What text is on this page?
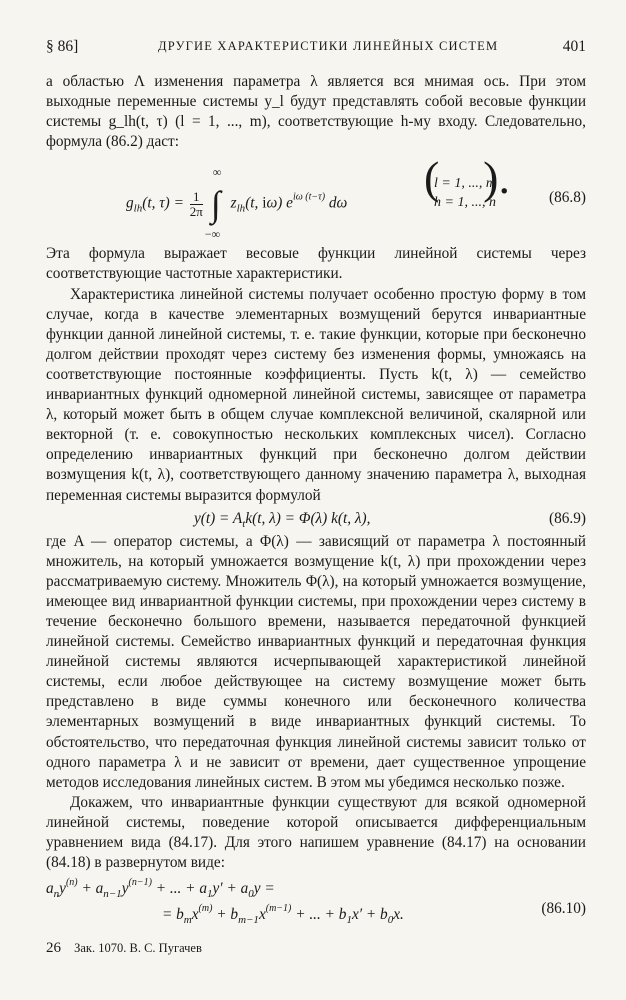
§ 86]	ДРУГИЕ ХАРАКТЕРИСТИКИ ЛИНЕЙНЫХ СИСТЕМ	401

а областью Λ изменения параметра λ является вся мнимая ось. При этом выходные переменные системы y_l будут представлять собой весовые функции системы g_lh(t, τ) (l = 1, ..., m), соответствующие h-му входу. Следовательно, формула (86.2) даст:

$g_{lh}(t$, $\tau) = \frac{1}{2\pi}$
∞
∫
−∞
$z_{lh}(t$, iω) $e^{i\omega (t-\tau)}$ dω
(
l = 1, ..., m
h = 1, ..., n
).	(86.8)

Эта формула выражает весовые функции линейной системы через соответствующие частотные характеристики.

Характеристика линейной системы получает особенно простую форму в том случае, когда в качестве элементарных возмущений берутся инвариантные функции данной линейной системы, т. е. такие функции, которые при бесконечно долгом действии проходят через систему без изменения формы, умножаясь на соответствующие постоянные коэффициенты. Пусть k(t, λ) — семейство инвариантных функций одномерной линейной системы, зависящее от параметра λ, который может быть в общем случае комплексной величиной, скалярной или векторной (т. е. совокупностью нескольких комплексных чисел). Согласно определению инвариантных функций при бесконечно долгом действии возмущения k(t, λ), соответствующего данному значению параметра λ, выходная переменная системы выразится формулой

$y(t) = A_tk(t$, λ) = Φ(λ) k(t, λ),	(86.9)

где A — оператор системы, а Φ(λ) — зависящий от параметра λ постоянный множитель, на который умножается возмущение k(t, λ) при прохождении через рассматриваемую систему. Множитель Φ(λ), на который умножается возмущение, имеющее вид инвариантной функции системы, при прохождении через систему в течение бесконечно большого времени, называется передаточной функцией линейной системы. Семейство инвариантных функций и передаточная функция линейной системы являются исчерпывающей характеристикой линейной системы, если любое действующее на систему возмущение может быть представлено в виде суммы конечного или бесконечного количества элементарных возмущений в виде инвариантных функций системы. То обстоятельство, что передаточная функция линейной системы зависит только от одного параметра λ и не зависит от времени, дает существенное упрощение методов исследования линейных систем. В этом мы убедимся несколько позже.

Докажем, что инвариантные функции существуют для всякой одномерной линейной системы, поведение которой описывается дифференциальным уравнением вида (84.17). Для этого напишем уравнение (84.17) на основании (84.18) в развернутом виде:

$a_ny^{(n)} + a_{n-1}y^{(n-1)}$ + ... + $a_1y' + a_0y$ =
= $b_mx^{(m)} + b_{m-1}x^{(m-1)}$ + ... + $b_1x' + b_0x$.	(86.10)
26 Зак. 1070. В. С. Пугачев
